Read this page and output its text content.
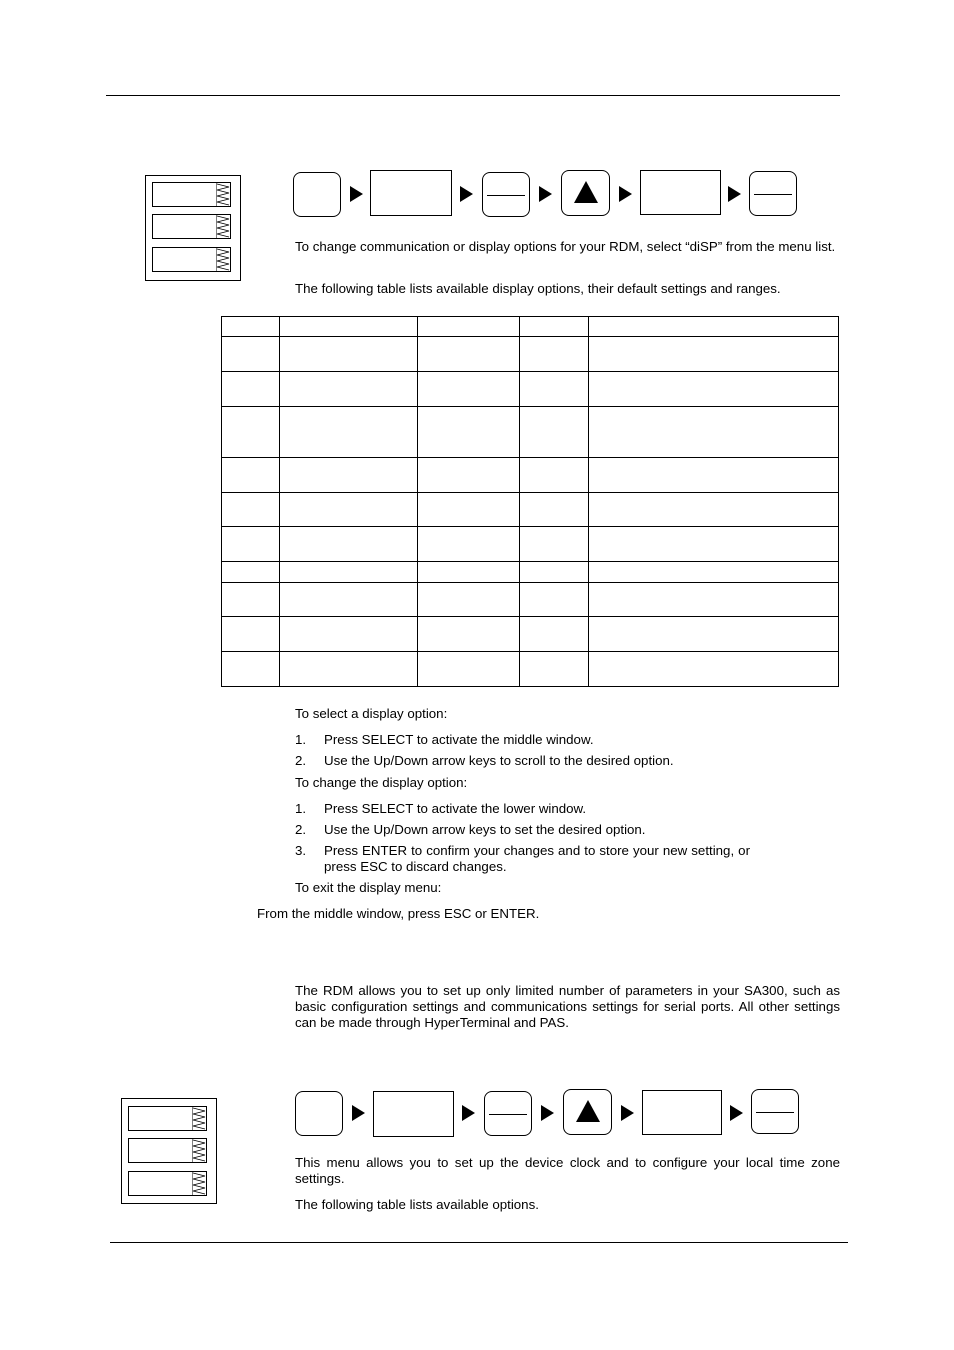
To change communication or display options for your RDM, select “diSP” from the menu list.

The following table lists available display options, their default settings and ranges.

To select a display option:

1. Press SELECT to activate the middle window.
2. Use the Up/Down arrow keys to scroll to the desired option.

To change the display option:

1. Press SELECT to activate the lower window.
2. Use the Up/Down arrow keys to set the desired option.
3. Press ENTER to confirm your changes and to store your new setting, or press ESC to discard changes.

To exit the display menu:

From the middle window, press ESC or ENTER.

The RDM allows you to set up only limited number of parameters in your SA300, such as basic configuration settings and communications settings for serial ports. All other settings can be made through HyperTerminal and PAS.

This menu allows you to set up the device clock and to configure your local time zone settings.

The following table lists available options.
